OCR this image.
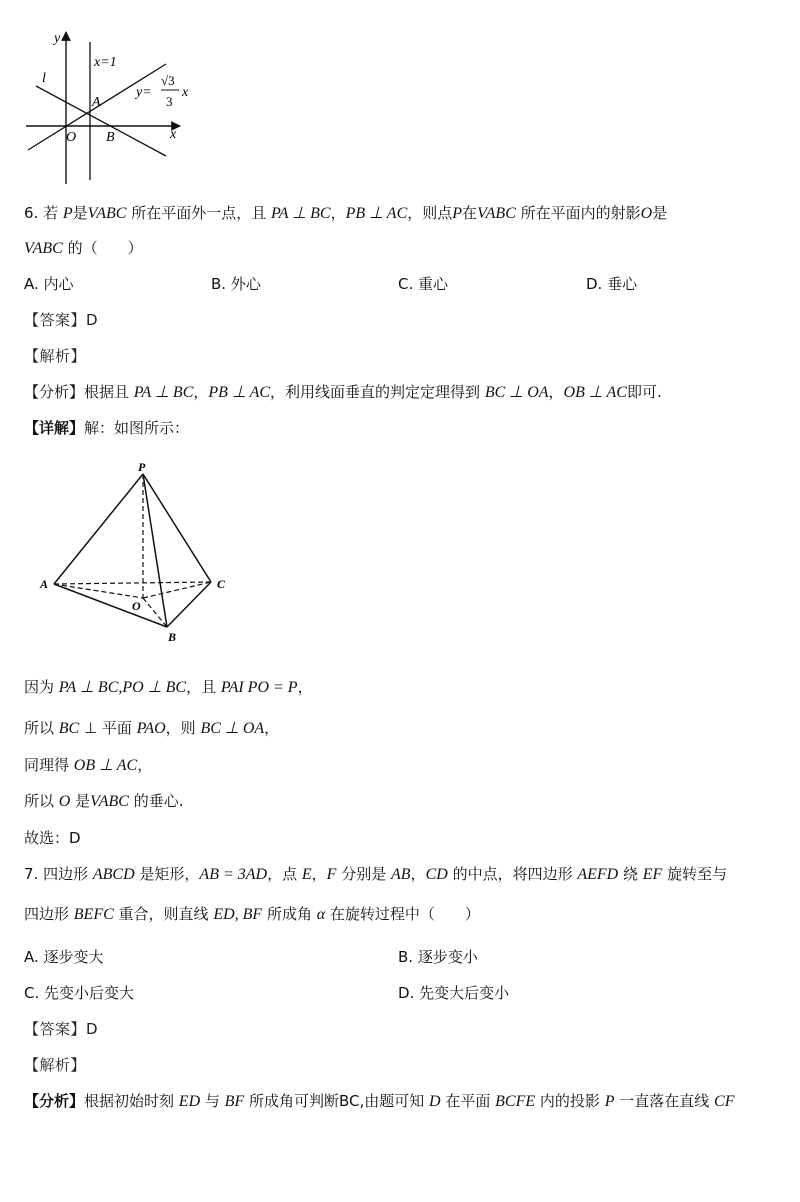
y
x
l
x=1
A
O B
y=
√3
3
x
6. 若 P是VABC 所在平面外一点，且 PA ⊥ BC，PB ⊥ AC，则点P在VABC 所在平面内的射影O是
VABC 的（　　）
A. 内心	B. 外心	C. 重心	D. 垂心
【答案】D
【解析】
【分析】根据且 PA ⊥ BC，PB ⊥ AC，利用线面垂直的判定定理得到 BC ⊥ OA，OB ⊥ AC即可.
【详解】解：如图所示：
P
A	C
O
B
因为 PA ⊥ BC,PO ⊥ BC，且 PAI PO = P，
所以 BC ⊥ 平面 PAO，则 BC ⊥ OA，
同理得 OB ⊥ AC，
所以 O 是VABC 的垂心.
故选：D
7. 四边形 ABCD 是矩形，AB = 3AD，点 E，F 分别是 AB，CD 的中点，将四边形 AEFD 绕 EF 旋转至与
四边形 BEFC 重合，则直线 ED, BF 所成角 α 在旋转过程中（　　）
A. 逐步变大	B. 逐步变小
C. 先变小后变大	D. 先变大后变小
【答案】D
【解析】
【分析】根据初始时刻 ED 与 BF 所成角可判断BC,由题可知 D 在平面 BCFE 内的投影 P 一直落在直线 CF
